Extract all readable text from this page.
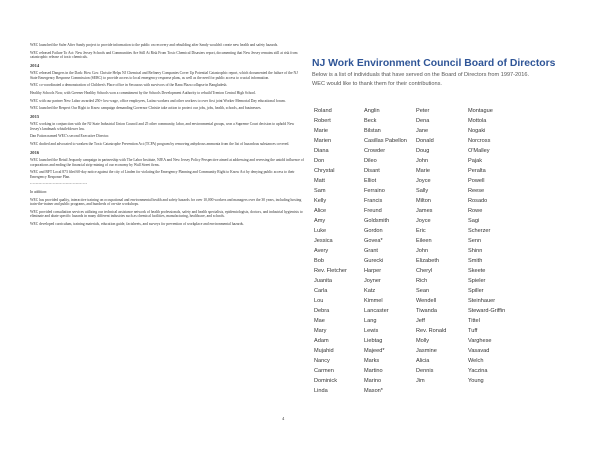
WEC launched the Safer After Sandy project to provide information to the public on recovery and rebuilding after Sandy wouldn't create new health and safety hazards.

WEC released Failure To Act: New Jersey Schools and Communities Are Still At Risk From Toxic Chemical Disasters report, documenting that New Jersey remains still at risk from catastrophic release of toxic chemicals.

2014

WEC released Dangers in the Dark: How Gov. Christie Helps NJ Chemical and Refinery Companies Cover Up Potential Catastrophic report, which documented the failure of the NJ State Emergency Response Commission (SERC) to provide access to local emergency response plans, as well as the need for public access to crucial information.

WEC co-coordinated a demonstration of Children's Place office in Secaucus with survivors of the Rana Plaza collapse in Bangladesh.

Healthy Schools Now, with Greener Healthy Schools won a commitment by the Schools Development Authority to rebuild Trenton Central High School.

WEC with our partner New Labor awarded 250+ low-wage, office employees, Latino workers and other workers to over first joint Worker Memorial Day educational forum.

WEC launched the Respect Our Right to Know campaign demanding Governor Christie take action to protect our jobs, jobs, health, schools, and businesses.

2015

WEC working in conjunction with the NJ State Industrial Union Council and 25 other community, labor, and environmental groups, won a Supreme Court decision to uphold New Jersey's landmark whistleblower law.

Dan Fatton named WEC's second Executive Director.

WEC drafted and advocated to weaken the Toxic Catastrophe Prevention Act (TCPA) program by removing anhydrous ammonia from the list of hazardous substances covered.

2016

WEC launched the Retail Jeopardy campaign in partnership with The Labor Institute, NJEA and New Jersey Policy Perspective aimed at addressing and reversing the untold influence of corporations and ending the financial strip-mining of our economy by Wall Street firms.

WEC and BFT Local 873 filed 60-day notice against the city of Linden for violating the Emergency Planning and Community Right to Know Act by denying public access to their Emergency Response Plan.

----------------------------------------

In addition:

WEC has provided quality, interactive training on occupational and environmental health and safety hazards for over 10,000 workers and managers over the 30 years, including hosting train-the-trainer and public programs, and hundreds of on-site workshops.

WEC provided consultation services utilizing our technical assistance network of health professionals, safety and health specialists, epidemiologists, doctors, and industrial hygienists to eliminate and abate specific hazards in many different industries such as chemical facilities, manufacturing, healthcare, and schools.

WEC developed curriculum, training materials, education guide, factsheets, and surveys for prevention of workplace and environmental hazards.

NJ Work Environment Council Board of Directors

Below is a list of individuals that have served on the Board of Directors from 1997-2016.

WEC would like to thank them for their contributions.

Roland
Robert
Marie
Marien
Diana
Don
Chrystal
Matt
Sam
Kelly
Alice
Amy
Luke
Jessica
Avery
Bob
Rev. Fletcher
Juanita
Carla
Lou
Debra
Mae
Mary
Adam
Mujahid
Nancy
Carmen
Dominick
Linda
Anglin
Beck
Bilstan
Casillas Pabellon
Crowder
Dileo
Disant
Elliot
Ferraino
Francis
Freund
Goldsmith
Gordon
Govea*
Grant
Gurecki
Harper
Joyner
Katz
Kimmel
Lancaster
Lang
Lewis
Liebtag
Majeed*
Marks
Martino
Marino
Mason*
Peter
Dena
Jane
Donald
Doug
John
Marie
Joyce
Sally
Milton
James
Joyce
Eric
Eileen
John
Elizabeth
Cheryl
Rich
Sean
Wendell
Tiwanda
Jeff
Rev. Ronald
Molly
Jasmine
Alicia
Dennis
Jim
Montague
Mottola
Nogaki
Norcross
O'Malley
Pajak
Peralta
Powell
Reese
Rosado
Rowe
Sagi
Scherzer
Senn
Shinn
Smith
Skeete
Spieler
Spiller
Steinhauer
Steward-Griffin
Tittel
Tuff
Varghese
Vasavad
Welch
Yaczina
Young
4
